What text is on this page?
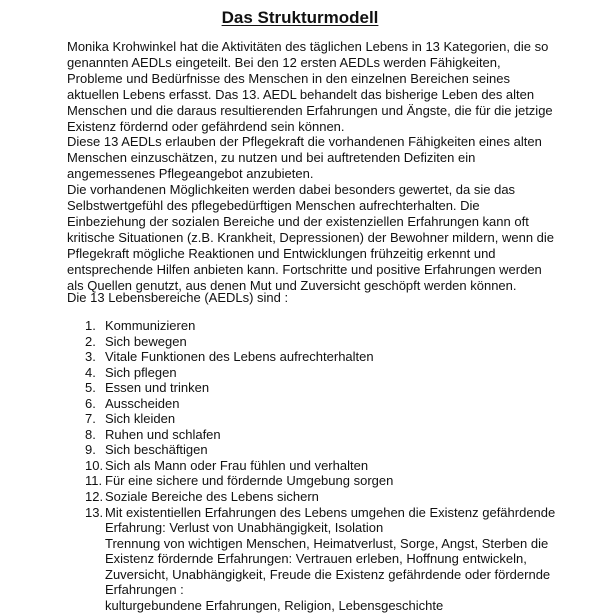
Das Strukturmodell
Monika Krohwinkel hat die Aktivitäten des täglichen Lebens in 13 Kategorien, die so
genannten AEDLs eingeteilt. Bei den 12 ersten AEDLs werden Fähigkeiten,
Probleme und Bedürfnisse des Menschen in den einzelnen Bereichen seines
aktuellen Lebens erfasst. Das 13. AEDL behandelt das bisherige Leben des alten
Menschen und die daraus resultierenden Erfahrungen und Ängste, die für die jetzige
Existenz fördernd oder gefährdend sein können.
Diese 13 AEDLs erlauben der Pflegekraft die vorhandenen Fähigkeiten eines alten
Menschen einzuschätzen, zu nutzen und bei auftretenden Defiziten ein
angemessenes Pflegeangebot anzubieten.
Die vorhandenen Möglichkeiten werden dabei besonders gewertet, da sie das
Selbstwertgefühl des pflegebedürftigen Menschen aufrechterhalten. Die
Einbeziehung der sozialen Bereiche und der existenziellen Erfahrungen kann oft
kritische Situationen (z.B. Krankheit, Depressionen) der Bewohner mildern, wenn die
Pflegekraft mögliche Reaktionen und Entwicklungen frühzeitig erkennt und
entsprechende Hilfen anbieten kann. Fortschritte und positive Erfahrungen werden
als Quellen genutzt, aus denen Mut und Zuversicht geschöpft werden können.
Die 13 Lebensbereiche (AEDLs) sind :
1. Kommunizieren
2. Sich bewegen
3. Vitale Funktionen des Lebens aufrechterhalten
4. Sich pflegen
5. Essen und trinken
6. Ausscheiden
7. Sich kleiden
8. Ruhen und schlafen
9. Sich beschäftigen
10. Sich als Mann oder Frau fühlen und verhalten
11. Für eine sichere und fördernde Umgebung sorgen
12. Soziale Bereiche des Lebens sichern
13. Mit existentiellen Erfahrungen des Lebens umgehen die Existenz gefährdende
Erfahrung: Verlust von Unabhängigkeit, Isolation
Trennung von wichtigen Menschen, Heimatverlust, Sorge, Angst, Sterben die
Existenz fördernde Erfahrungen: Vertrauen erleben, Hoffnung entwickeln,
Zuversicht, Unabhängigkeit, Freude die Existenz gefährdende oder fördernde
Erfahrungen :
kulturgebundene Erfahrungen, Religion, Lebensgeschichte
